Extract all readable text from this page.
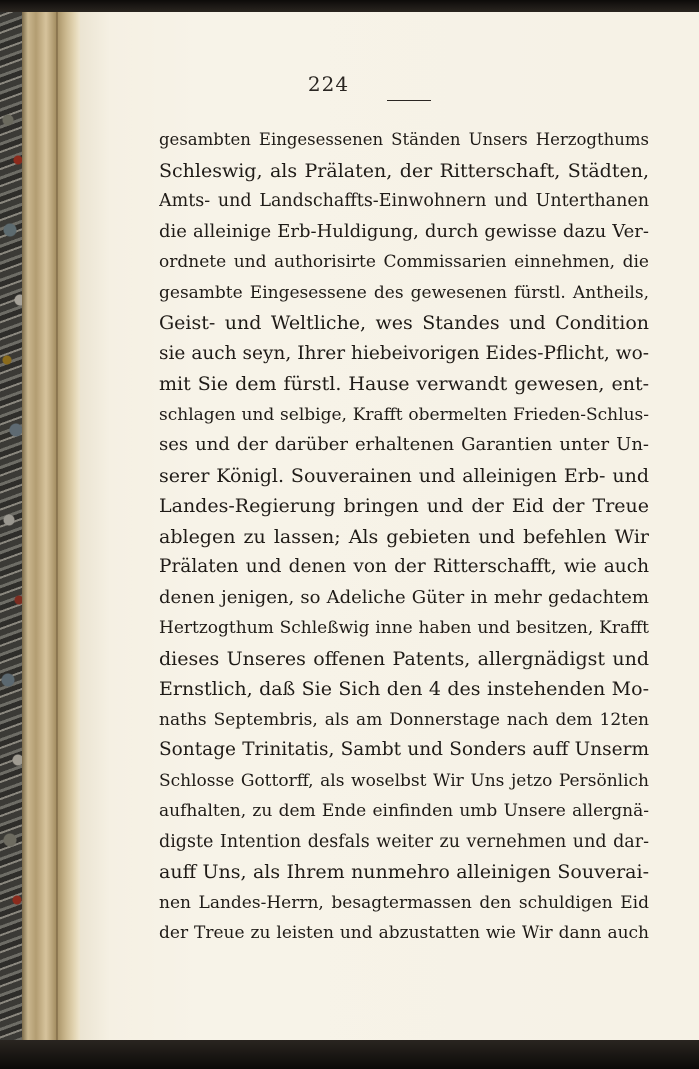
224
gesambten Eingesessenen Ständen Unsers Herzogthums
Schleswig, als Prälaten, der Ritterschaft, Städten,
Amts- und Landschaffts-Einwohnern und Unterthanen
die alleinige Erb-Huldigung, durch gewisse dazu Ver-
ordnete und authorisirte Commissarien einnehmen, die
gesambte Eingesessene des gewesenen fürstl. Antheils,
Geist- und Weltliche, wes Standes und Condition
sie auch seyn, Ihrer hiebeivorigen Eides-Pflicht, wo-
mit Sie dem fürstl. Hause verwandt gewesen, ent-
schlagen und selbige, Krafft obermelten Frieden-Schlus-
ses und der darüber erhaltenen Garantien unter Un-
serer Königl. Souverainen und alleinigen Erb- und
Landes-Regierung bringen und der Eid der Treue
ablegen zu lassen; Als gebieten und befehlen Wir
Prälaten und denen von der Ritterschafft, wie auch
denen jenigen, so Adeliche Güter in mehr gedachtem
Hertzogthum Schleßwig inne haben und besitzen, Krafft
dieses Unseres offenen Patents, allergnädigst und
Ernstlich, daß Sie Sich den 4 des instehenden Mo-
naths Septembris, als am Donnerstage nach dem 12ten
Sontage Trinitatis, Sambt und Sonders auff Unserm
Schlosse Gottorff, als woselbst Wir Uns jetzo Persönlich
aufhalten, zu dem Ende einfinden umb Unsere allergnä-
digste Intention desfals weiter zu vernehmen und dar-
auff Uns, als Ihrem nunmehro alleinigen Souverai-
nen Landes-Herrn, besagtermassen den schuldigen Eid
der Treue zu leisten und abzustatten wie Wir dann auch
